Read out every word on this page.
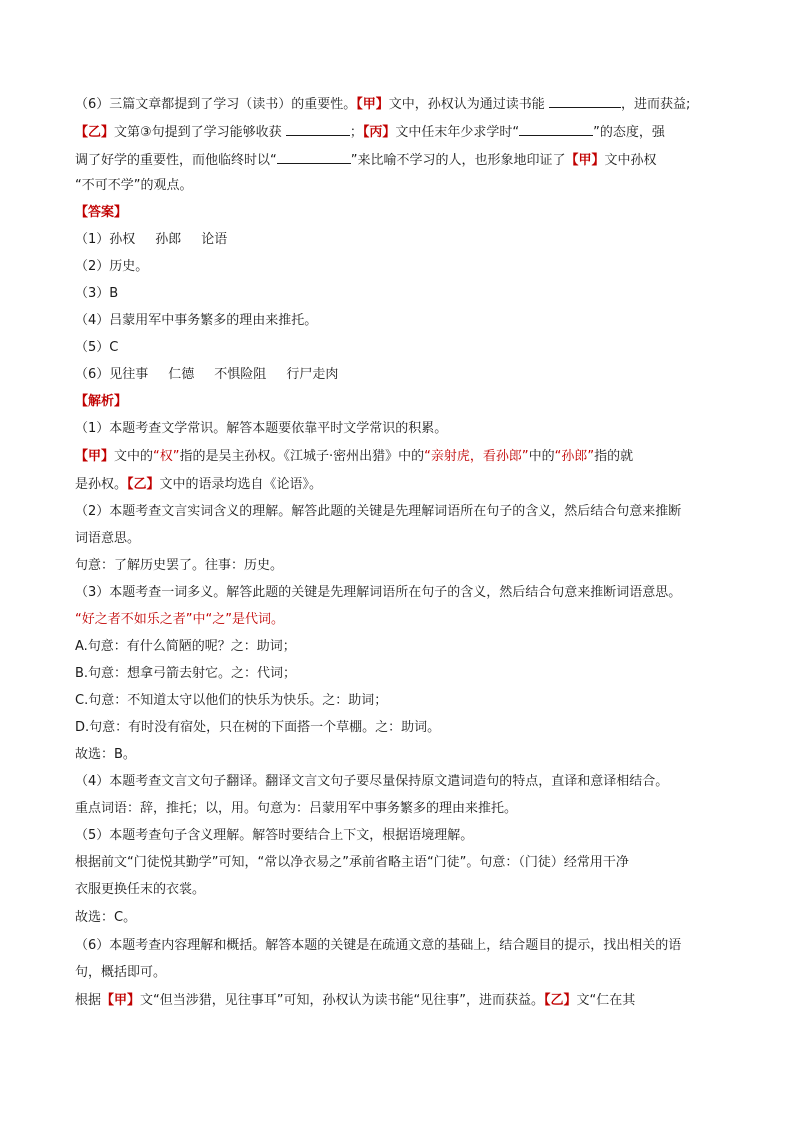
（6）三篇文章都提到了学习（读书）的重要性。【甲】文中，孙权认为通过读书能	，进而获益;
【乙】文第③句提到了学习能够收获	；【丙】文中任末年少求学时“	”的态度，强
调了好学的重要性，而他临终时以“	”来比喻不学习的人，也形象地印证了【甲】文中孙权
“不可不学”的观点。
【答案】
（1）孙权 孙郎 论语
（2）历史。
（3）B
（4）吕蒙用军中事务繁多的理由来推托。
（5）C
（6）见往事 仁德 不惧险阻 行尸走肉
【解析】
（1）本题考查文学常识。解答本题要依靠平时文学常识的积累。
【甲】文中的“权”指的是吴主孙权。《江城子·密州出猎》中的“亲射虎，看孙郎”中的“孙郎”指的就
是孙权。【乙】文中的语录均选自《论语》。
（2）本题考查文言实词含义的理解。解答此题的关键是先理解词语所在句子的含义，然后结合句意来推断
词语意思。
句意：了解历史罢了。往事：历史。
（3）本题考查一词多义。解答此题的关键是先理解词语所在句子的含义，然后结合句意来推断词语意思。
“好之者不如乐之者”中“之”是代词。
A.句意：有什么简陋的呢？之：助词；
B.句意：想拿弓箭去射它。之：代词；
C.句意：不知道太守以他们的快乐为快乐。之：助词；
D.句意：有时没有宿处，只在树的下面搭一个草棚。之：助词。
故选：B。
（4）本题考查文言文句子翻译。翻译文言文句子要尽量保持原文遣词造句的特点，直译和意译相结合。
重点词语：辞，推托；以，用。句意为：吕蒙用军中事务繁多的理由来推托。
（5）本题考查句子含义理解。解答时要结合上下文，根据语境理解。
根据前文“门徒悦其勤学”可知，“常以净衣易之”承前省略主语“门徒”。句意：（门徒）经常用干净
衣服更换任末的衣裳。
故选：C。
（6）本题考查内容理解和概括。解答本题的关键是在疏通文意的基础上，结合题目的提示，找出相关的语
句，概括即可。
根据【甲】文“但当涉猎，见往事耳”可知，孙权认为读书能“见往事”，进而获益。【乙】文“仁在其
